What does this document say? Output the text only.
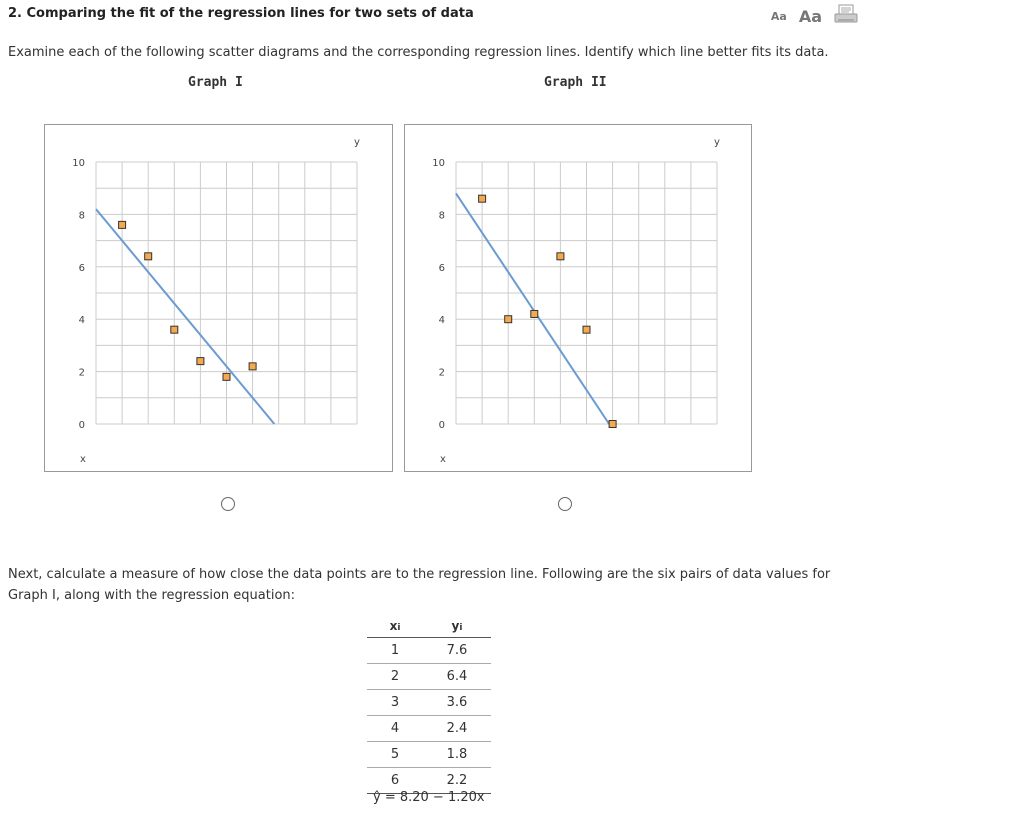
2. Comparing the fit of the regression lines for two sets of data	Aa Aa
Examine each of the following scatter diagrams and the corresponding regression lines. Identify which line better fits its data.
Graph I	Graph II
0
2
4
6
8
10
y
x
0
2
4
6
8
10
y
x
Next, calculate a measure of how close the data points are to the regression line. Following are the six pairs of data values for Graph I, along with the regression equation:
xi	yi
1	7.6
2	6.4
3	3.6
4	2.4
5	1.8
6	2.2
ŷ = 8.20 − 1.20x
